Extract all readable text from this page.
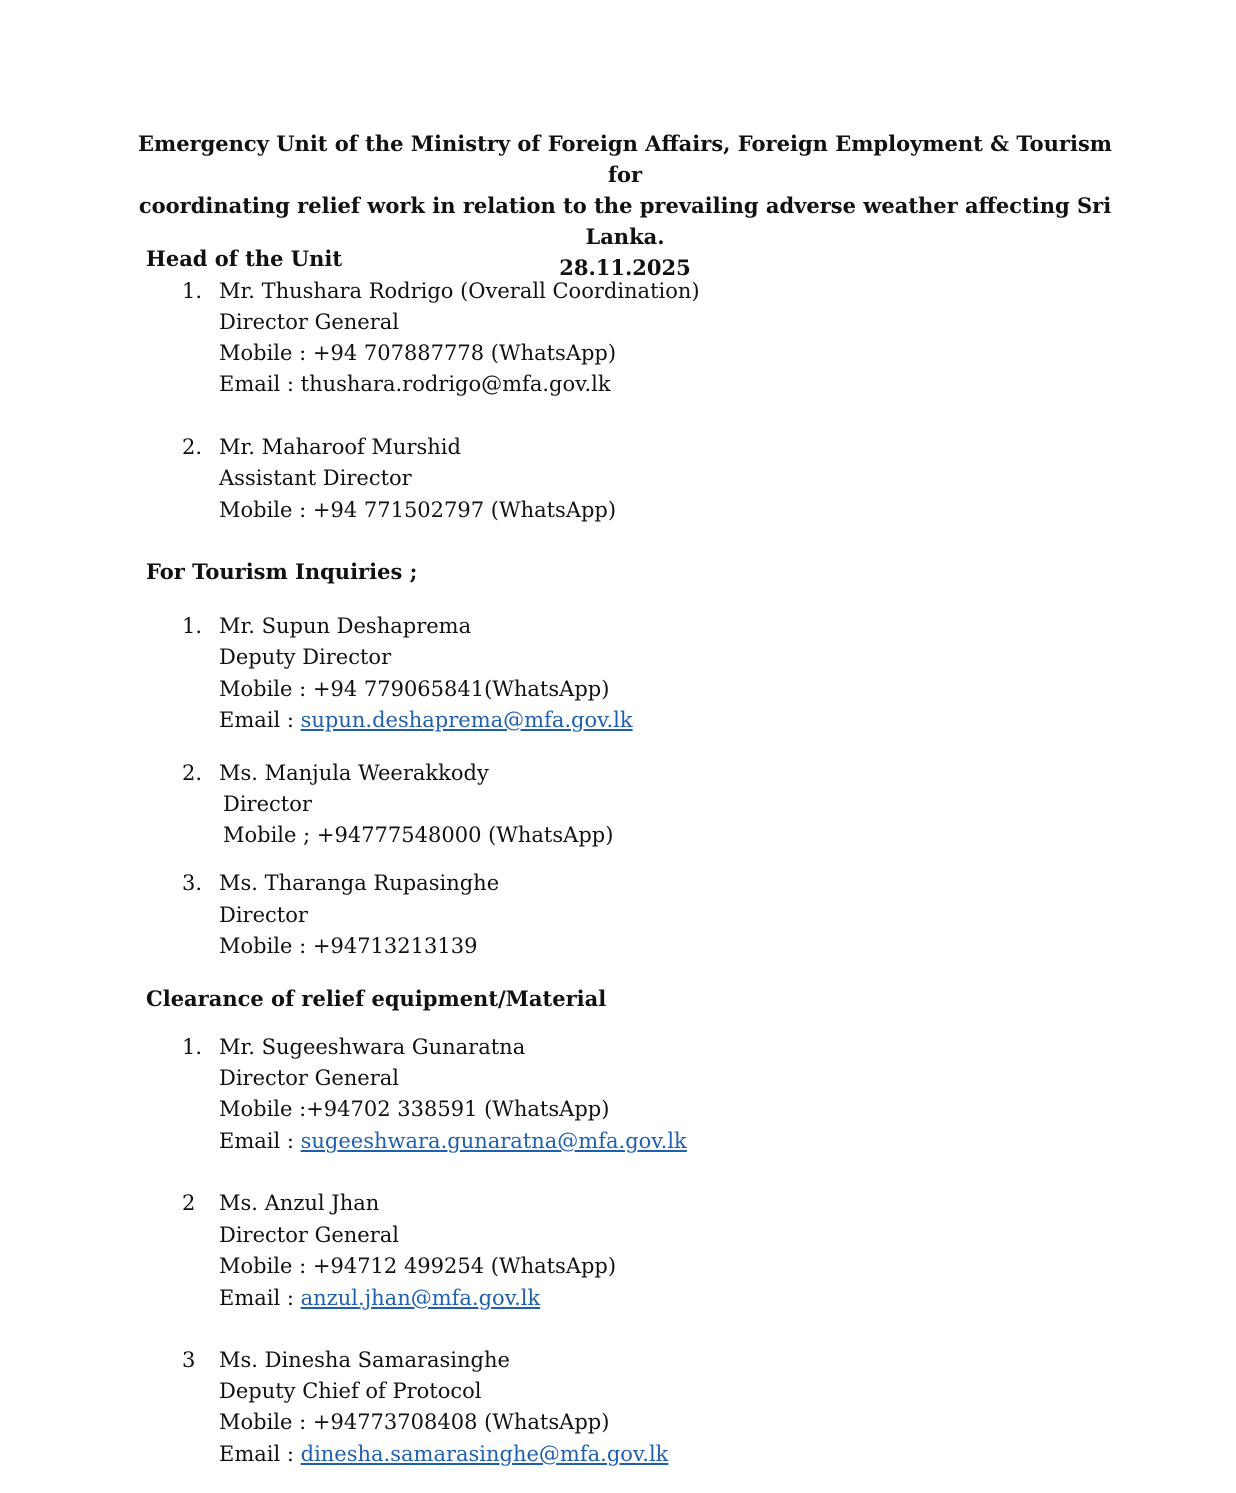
Emergency Unit of the Ministry of Foreign Affairs, Foreign Employment & Tourism for
coordinating relief work in relation to the prevailing adverse weather affecting Sri Lanka.
28.11.2025
Head of the Unit
1. Mr. Thushara Rodrigo (Overall Coordination)
Director General
Mobile : +94 707887778 (WhatsApp)
Email : thushara.rodrigo@mfa.gov.lk
2. Mr. Maharoof Murshid
Assistant Director
Mobile : +94 771502797 (WhatsApp)
For Tourism Inquiries ;
1. Mr. Supun Deshaprema
Deputy Director
Mobile : +94 779065841(WhatsApp)
Email : supun.deshaprema@mfa.gov.lk
2. Ms. Manjula Weerakkody
Director
Mobile ; +94777548000 (WhatsApp)
3. Ms. Tharanga Rupasinghe
Director
Mobile : +94713213139
Clearance of relief equipment/Material
1. Mr. Sugeeshwara Gunaratna
Director General
Mobile :+94702 338591 (WhatsApp)
Email : sugeeshwara.gunaratna@mfa.gov.lk
2 Ms. Anzul Jhan
Director General
Mobile : +94712 499254 (WhatsApp)
Email : anzul.jhan@mfa.gov.lk
3 Ms. Dinesha Samarasinghe
Deputy Chief of Protocol
Mobile : +94773708408 (WhatsApp)
Email : dinesha.samarasinghe@mfa.gov.lk
